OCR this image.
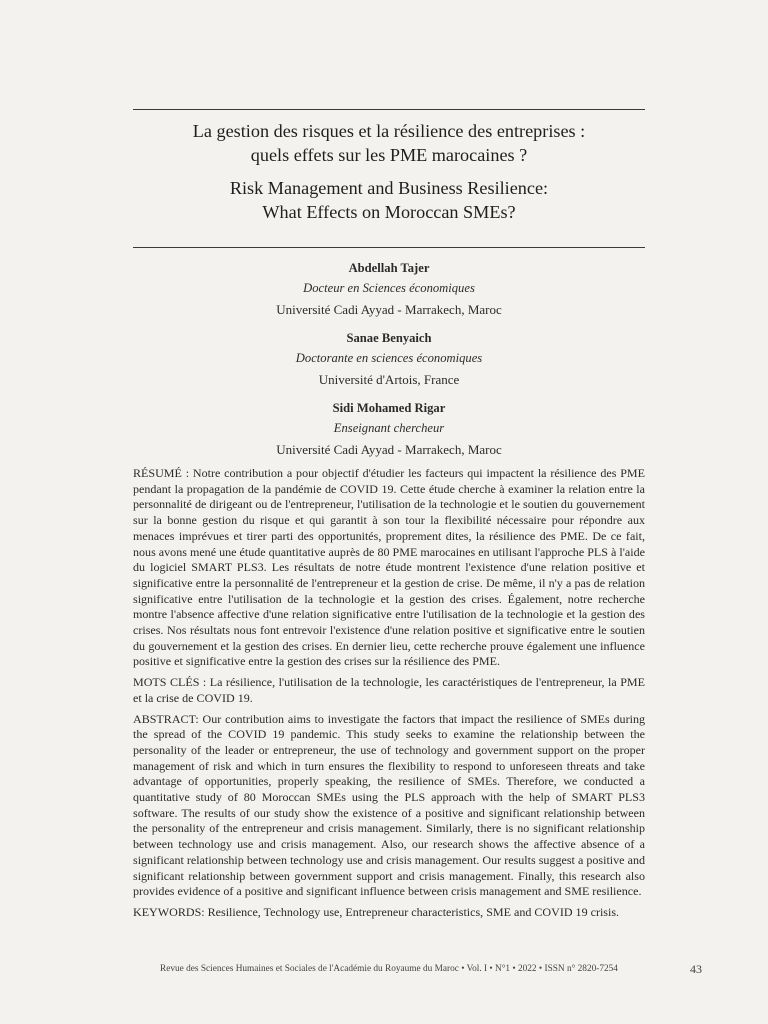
La gestion des risques et la résilience des entreprises :
quels effets sur les PME marocaines ?
Risk Management and Business Resilience:
What Effects on Moroccan SMEs?
Abdellah Tajer
Docteur en Sciences économiques
Université Cadi Ayyad - Marrakech, Maroc
Sanae Benyaich
Doctorante en sciences économiques
Université d'Artois, France
Sidi Mohamed Rigar
Enseignant chercheur
Université Cadi Ayyad - Marrakech, Maroc

RÉSUMÉ : Notre contribution a pour objectif d'étudier les facteurs qui impactent la résilience des PME pendant la propagation de la pandémie de COVID 19. Cette étude cherche à examiner la relation entre la personnalité de dirigeant ou de l'entrepreneur, l'utilisation de la technologie et le soutien du gouvernement sur la bonne gestion du risque et qui garantit à son tour la flexibilité nécessaire pour répondre aux menaces imprévues et tirer parti des opportunités, proprement dites, la résilience des PME. De ce fait, nous avons mené une étude quantitative auprès de 80 PME marocaines en utilisant l'approche PLS à l'aide du logiciel SMART PLS3. Les résultats de notre étude montrent l'existence d'une relation positive et significative entre la personnalité de l'entrepreneur et la gestion de crise. De même, il n'y a pas de relation significative entre l'utilisation de la technologie et la gestion des crises. Également, notre recherche montre l'absence affective d'une relation significative entre l'utilisation de la technologie et la gestion des crises. Nos résultats nous font entrevoir l'existence d'une relation positive et significative entre le soutien du gouvernement et la gestion des crises. En dernier lieu, cette recherche prouve également une influence positive et significative entre la gestion des crises sur la résilience des PME.

MOTS CLÉS : La résilience, l'utilisation de la technologie, les caractéristiques de l'entrepreneur, la PME et la crise de COVID 19.

ABSTRACT: Our contribution aims to investigate the factors that impact the resilience of SMEs during the spread of the COVID 19 pandemic. This study seeks to examine the relationship between the personality of the leader or entrepreneur, the use of technology and government support on the proper management of risk and which in turn ensures the flexibility to respond to unforeseen threats and take advantage of opportunities, properly speaking, the resilience of SMEs. Therefore, we conducted a quantitative study of 80 Moroccan SMEs using the PLS approach with the help of SMART PLS3 software. The results of our study show the existence of a positive and significant relationship between the personality of the entrepreneur and crisis management. Similarly, there is no significant relationship between technology use and crisis management. Also, our research shows the affective absence of a significant relationship between technology use and crisis management. Our results suggest a positive and significant relationship between government support and crisis management. Finally, this research also provides evidence of a positive and significant influence between crisis management and SME resilience.

KEYWORDS: Resilience, Technology use, Entrepreneur characteristics, SME and COVID 19 crisis.

Revue des Sciences Humaines et Sociales de l'Académie du Royaume du Maroc • Vol. I • N°1 • 2022 • ISSN n° 2820-7254	43
